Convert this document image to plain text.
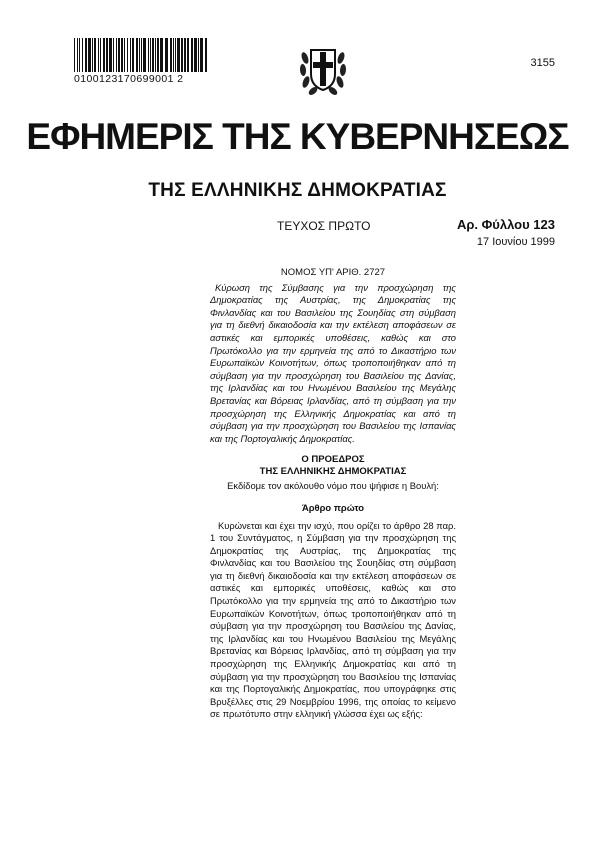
0100123170699001 2
3155
ΕΦΗΜΕΡΙΣ ΤΗΣ ΚΥΒΕΡΝΗΣΕΩΣ
ΤΗΣ ΕΛΛΗΝΙΚΗΣ ΔΗΜΟΚΡΑΤΙΑΣ
ΤΕΥΧΟΣ ΠΡΩΤΟ	Αρ. Φύλλου 123
17 Ιουνίου 1999
ΝΟΜΟΣ ΥΠ' ΑΡΙΘ. 2727

Κύρωση της Σύμβασης για την προσχώρηση της Δημοκρατίας της Αυστρίας, της Δημοκρατίας της Φινλανδίας και του Βασιλείου της Σουηδίας στη σύμβαση για τη διεθνή δικαιοδοσία και την εκτέλεση αποφάσεων σε αστικές και εμπορικές υποθέσεις, καθώς και στο Πρωτόκολλο για την ερμηνεία της από το Δικαστήριο των Ευρωπαϊκών Κοινοτήτων, όπως τροποποιήθηκαν από τη σύμβαση για την προσχώρηση του Βασιλείου της Δανίας, της Ιρλανδίας και του Ηνωμένου Βασιλείου της Μεγάλης Βρετανίας και Βόρειας Ιρλανδίας, από τη σύμβαση για την προσχώρηση της Ελληνικής Δημοκρατίας και από τη σύμβαση για την προσχώρηση του Βασιλείου της Ισπανίας και της Πορτογαλικής Δημοκρατίας.

Ο ΠΡΟΕΔΡΟΣ
ΤΗΣ ΕΛΛΗΝΙΚΗΣ ΔΗΜΟΚΡΑΤΙΑΣ
Εκδίδομε τον ακόλουθο νόμο που ψήφισε η Βουλή:
Άρθρο πρώτο

Κυρώνεται και έχει την ισχύ, που ορίζει το άρθρο 28 παρ. 1 του Συντάγματος, η Σύμβαση για την προσχώρηση της Δημοκρατίας της Αυστρίας, της Δημοκρατίας της Φινλανδίας και του Βασιλείου της Σουηδίας στη σύμβαση για τη διεθνή δικαιοδοσία και την εκτέλεση αποφάσεων σε αστικές και εμπορικές υποθέσεις, καθώς και στο Πρωτόκολλο για την ερμηνεία της από το Δικαστήριο των Ευρωπαϊκών Κοινοτήτων, όπως τροποποιήθηκαν από τη σύμβαση για την προσχώρηση του Βασιλείου της Δανίας, της Ιρλανδίας και του Ηνωμένου Βασιλείου της Μεγάλης Βρετανίας και Βόρειας Ιρλανδίας, από τη σύμβαση για την προσχώρηση της Ελληνικής Δημοκρατίας και από τη σύμβαση για την προσχώρηση του Βασιλείου της Ισπανίας και της Πορτογαλικής Δημοκρατίας, που υπογράφηκε στις Βρυξέλλες στις 29 Νοεμβρίου 1996, της οποίας το κείμενο σε πρωτότυπο στην ελληνική γλώσσα έχει ως εξής:
